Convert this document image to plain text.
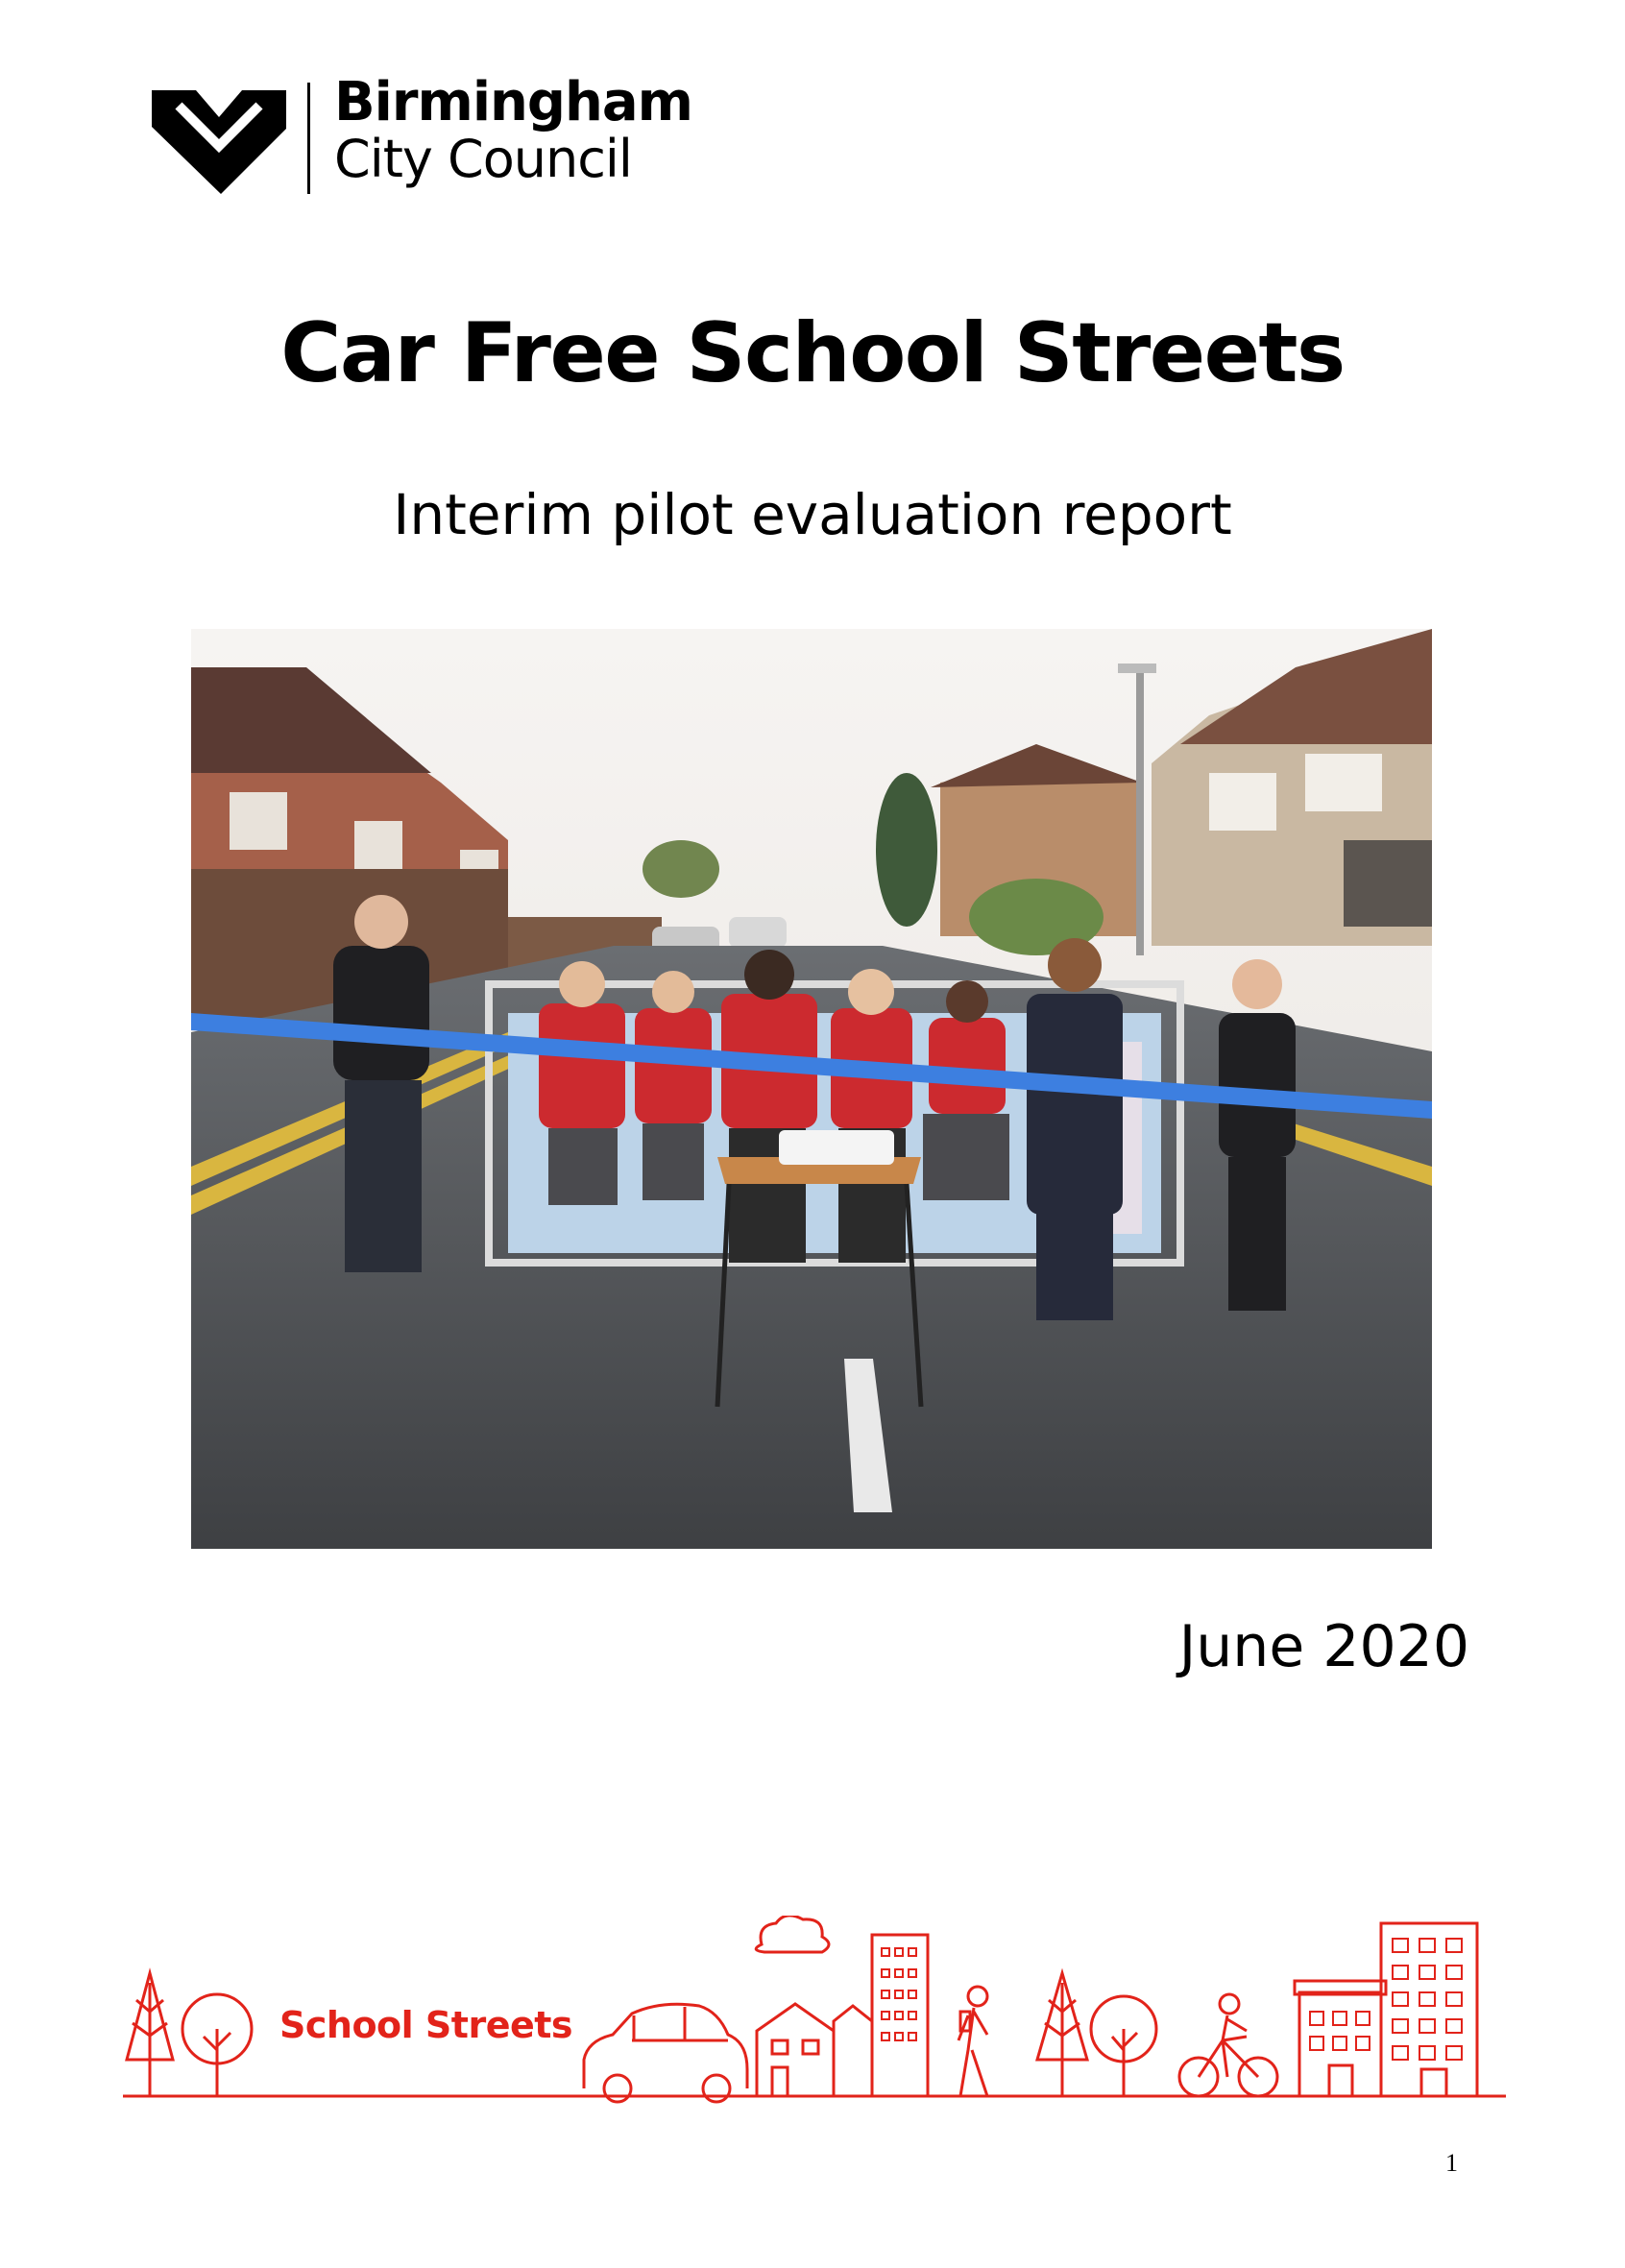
Birmingham
City Council
Car Free School Streets
Interim pilot evaluation report
June 2020
School Streets
1
